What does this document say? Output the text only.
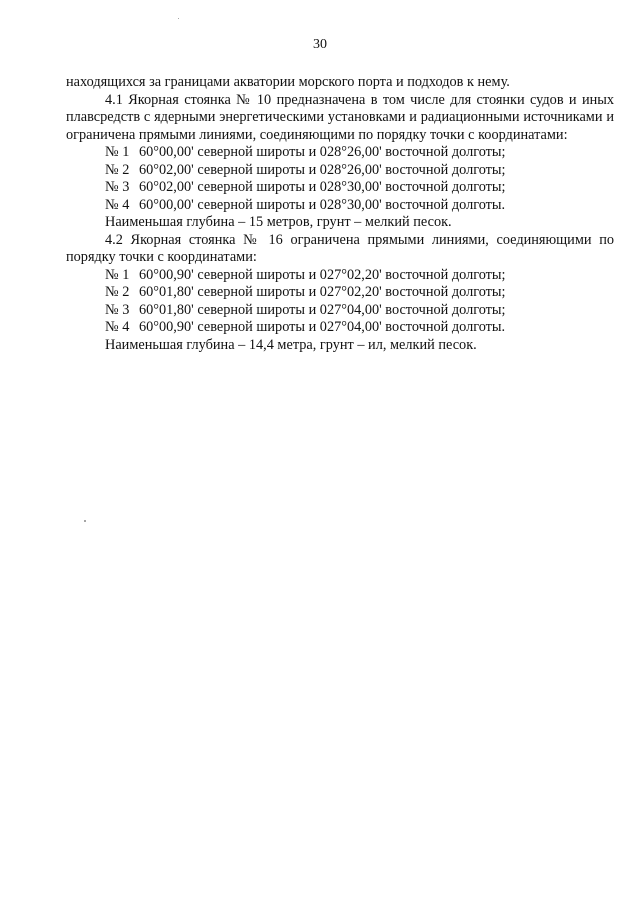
30
находящихся за границами акватории морского порта и подходов к нему.
4.1 Якорная стоянка № 10 предназначена в том числе для стоянки судов и иных плавсредств с ядерными энергетическими установками и радиационными источниками и ограничена прямыми линиями, соединяющими по порядку точки с координатами:
№ 1 60°00,00' северной широты и 028°26,00' восточной долготы;
№ 2 60°02,00' северной широты и 028°26,00' восточной долготы;
№ 3 60°02,00' северной широты и 028°30,00' восточной долготы;
№ 4 60°00,00' северной широты и 028°30,00' восточной долготы.
Наименьшая глубина – 15 метров, грунт – мелкий песок.
4.2 Якорная стоянка № 16 ограничена прямыми линиями, соединяющими по порядку точки с координатами:
№ 1 60°00,90' северной широты и 027°02,20' восточной долготы;
№ 2 60°01,80' северной широты и 027°02,20' восточной долготы;
№ 3 60°01,80' северной широты и 027°04,00' восточной долготы;
№ 4 60°00,90' северной широты и 027°04,00' восточной долготы.
Наименьшая глубина – 14,4 метра, грунт – ил, мелкий песок.
